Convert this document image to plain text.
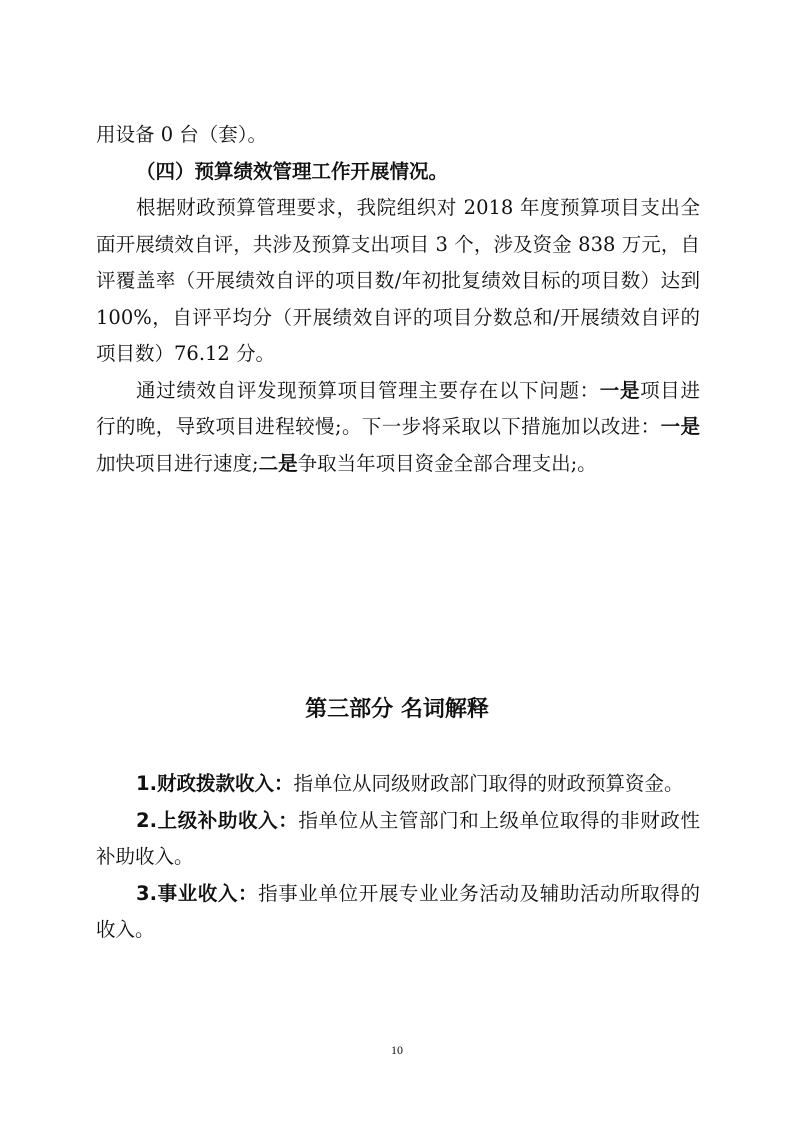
用设备 0 台（套）。

（四）预算绩效管理工作开展情况。

根据财政预算管理要求，我院组织对 2018 年度预算项目支出全面开展绩效自评，共涉及预算支出项目 3 个，涉及资金 838 万元，自评覆盖率（开展绩效自评的项目数/年初批复绩效目标的项目数）达到 100%，自评平均分（开展绩效自评的项目分数总和/开展绩效自评的项目数）76.12 分。

通过绩效自评发现预算项目管理主要存在以下问题：一是项目进行的晚，导致项目进程较慢;。下一步将采取以下措施加以改进：一是加快项目进行速度;二是争取当年项目资金全部合理支出;。

第三部分 名词解释

1.财政拨款收入：指单位从同级财政部门取得的财政预算资金。

2.上级补助收入：指单位从主管部门和上级单位取得的非财政性补助收入。

3.事业收入：指事业单位开展专业业务活动及辅助活动所取得的收入。

10
